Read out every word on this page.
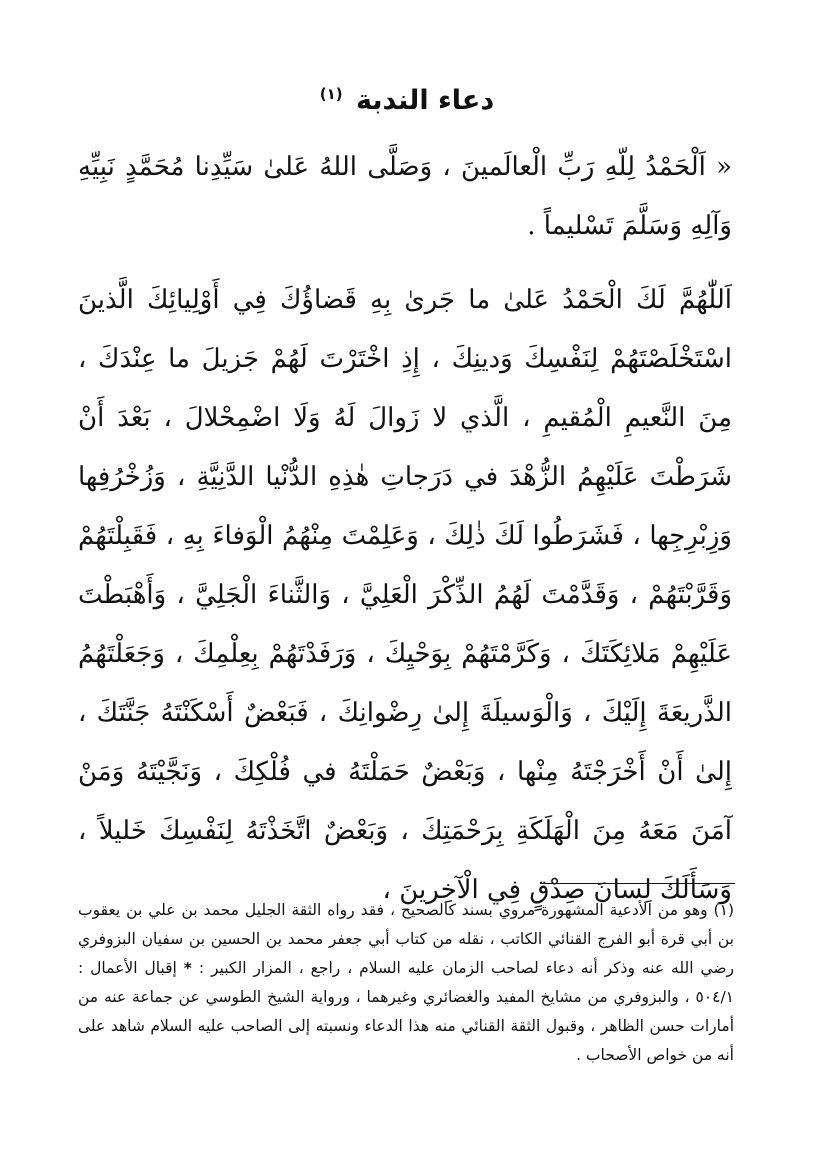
دعاء الندبة $^{(١)}$

« اَلْحَمْدُ لِلّهِ رَبِّ الْعالَمينَ ، وَصَلَّى اللهُ عَلىٰ سَيِّدِنا مُحَمَّدٍ نَبِيِّهِ وَآلِهِ وَسَلَّمَ تَسْليماً .

اَللّٰهُمَّ لَكَ الْحَمْدُ عَلىٰ ما جَرىٰ بِهِ قَضاؤُكَ فِي أَوْلِيائِكَ الَّذينَ اسْتَخْلَصْتَهُمْ لِنَفْسِكَ وَدينِكَ ، إِذِ اخْتَرْتَ لَهُمْ جَزيلَ ما عِنْدَكَ ، مِنَ النَّعيمِ الْمُقيمِ ، الَّذي لا زَوالَ لَهُ وَلَا اضْمِحْلالَ ، بَعْدَ أَنْ شَرَطْتَ عَلَيْهِمُ الزُّهْدَ في دَرَجاتِ هٰذِهِ الدُّنْيا الدَّنِيَّةِ ، وَزُخْرُفِها وَزِبْرِجِها ، فَشَرَطُوا لَكَ ذٰلِكَ ، وَعَلِمْتَ مِنْهُمُ الْوَفاءَ بِهِ ، فَقَبِلْتَهُمْ وَقَرَّبْتَهُمْ ، وَقَدَّمْتَ لَهُمُ الذِّكْرَ الْعَلِيَّ ، وَالثَّناءَ الْجَلِيَّ ، وَأَهْبَطْتَ عَلَيْهِمْ مَلائِكَتَكَ ، وَكَرَّمْتَهُمْ بِوَحْيِكَ ، وَرَفَدْتَهُمْ بِعِلْمِكَ ، وَجَعَلْتَهُمُ الذَّريعَةَ إِلَيْكَ ، وَالْوَسيلَةَ إِلىٰ رِضْوانِكَ ، فَبَعْضٌ أَسْكَنْتَهُ جَنَّتَكَ ، إِلىٰ أَنْ أَخْرَجْتَهُ مِنْها ، وَبَعْضٌ حَمَلْتَهُ في فُلْكِكَ ، وَنَجَّيْتَهُ وَمَنْ آمَنَ مَعَهُ مِنَ الْهَلَكَةِ بِرَحْمَتِكَ ، وَبَعْضٌ اتَّخَذْتَهُ لِنَفْسِكَ خَليلاً ، وَسَأَلَكَ لِسانَ صِدْقٍ فِي الْآخِرينَ ،

(١) وهو من الأدعية المشهورة مروي بسند كالصحيح ، فقد رواه الثقة الجليل محمد بن علي بن يعقوب بن أبي قرة أبو الفرج القنائي الكاتب ، نقله من كتاب أبي جعفر محمد بن الحسين بن سفيان البزوفري رضي الله عنه وذكر أنه دعاء لصاحب الزمان عليه السلام ، راجع ، المزار الكبير : * إقبال الأعمال : ٥٠٤/١ ، والبزوفري من مشايخ المفيد والغضائري وغيرهما ، ورواية الشيخ الطوسي عن جماعة عنه من أمارات حسن الظاهر ، وقبول الثقة القنائي منه هذا الدعاء ونسبته إلى الصاحب عليه السلام شاهد على أنه من خواص الأصحاب .
